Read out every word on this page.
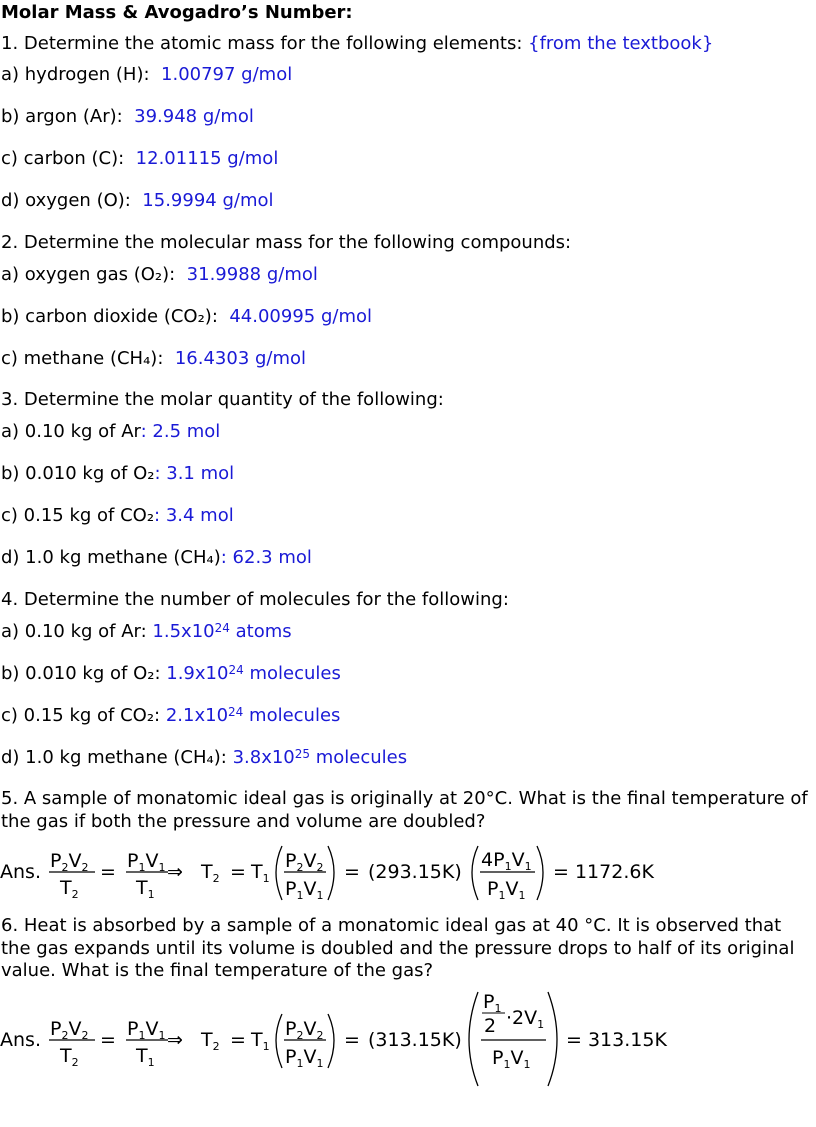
Molar Mass & Avogadro’s Number:
1. Determine the atomic mass for the following elements: {from the textbook}
a) hydrogen (H): 1.00797 g/mol
b) argon (Ar): 39.948 g/mol
c) carbon (C): 12.01115 g/mol
d) oxygen (O): 15.9994 g/mol
2. Determine the molecular mass for the following compounds:
a) oxygen gas (O₂): 31.9988 g/mol
b) carbon dioxide (CO₂): 44.00995 g/mol
c) methane (CH₄): 16.4303 g/mol
3. Determine the molar quantity of the following:
a) 0.10 kg of Ar: 2.5 mol
b) 0.010 kg of O₂: 3.1 mol
c) 0.15 kg of CO₂: 3.4 mol
d) 1.0 kg methane (CH₄): 62.3 mol
4. Determine the number of molecules for the following:
a) 0.10 kg of Ar: $1.5x10^{24}$ atoms
b) 0.010 kg of O₂: $1.9x10^{24}$ molecules
c) 0.15 kg of CO₂: $2.1x10^{24}$ molecules
d) 1.0 kg methane (CH₄): $3.8x10^{25}$ molecules
5. A sample of monatomic ideal gas is originally at 20°C. What is the final temperature of the gas if both the pressure and volume are doubled?
Ans. $P_2V_2$
$T_2$
= $P_1V_1$
$T_1$
⇒ $T_2 = T_1$
$P_2V_2$
$P_1V_1$
= (293.15K)
$4P_1V_1$
$P_1V_1$
= 1172.6K
6. Heat is absorbed by a sample of a monatomic ideal gas at 40 °C. It is observed that the gas expands until its volume is doubled and the pressure drops to half of its original value. What is the final temperature of the gas?
Ans. $P_2V_2$
$T_2$
= $P_1V_1$
$T_1$
⇒ $T_2 = T_1$
$P_2V_2$
$P_1V_1$
= (313.15K)
$P_1$
$2 \cdot 2V_1$
$P_1V_1$
= 313.15K
